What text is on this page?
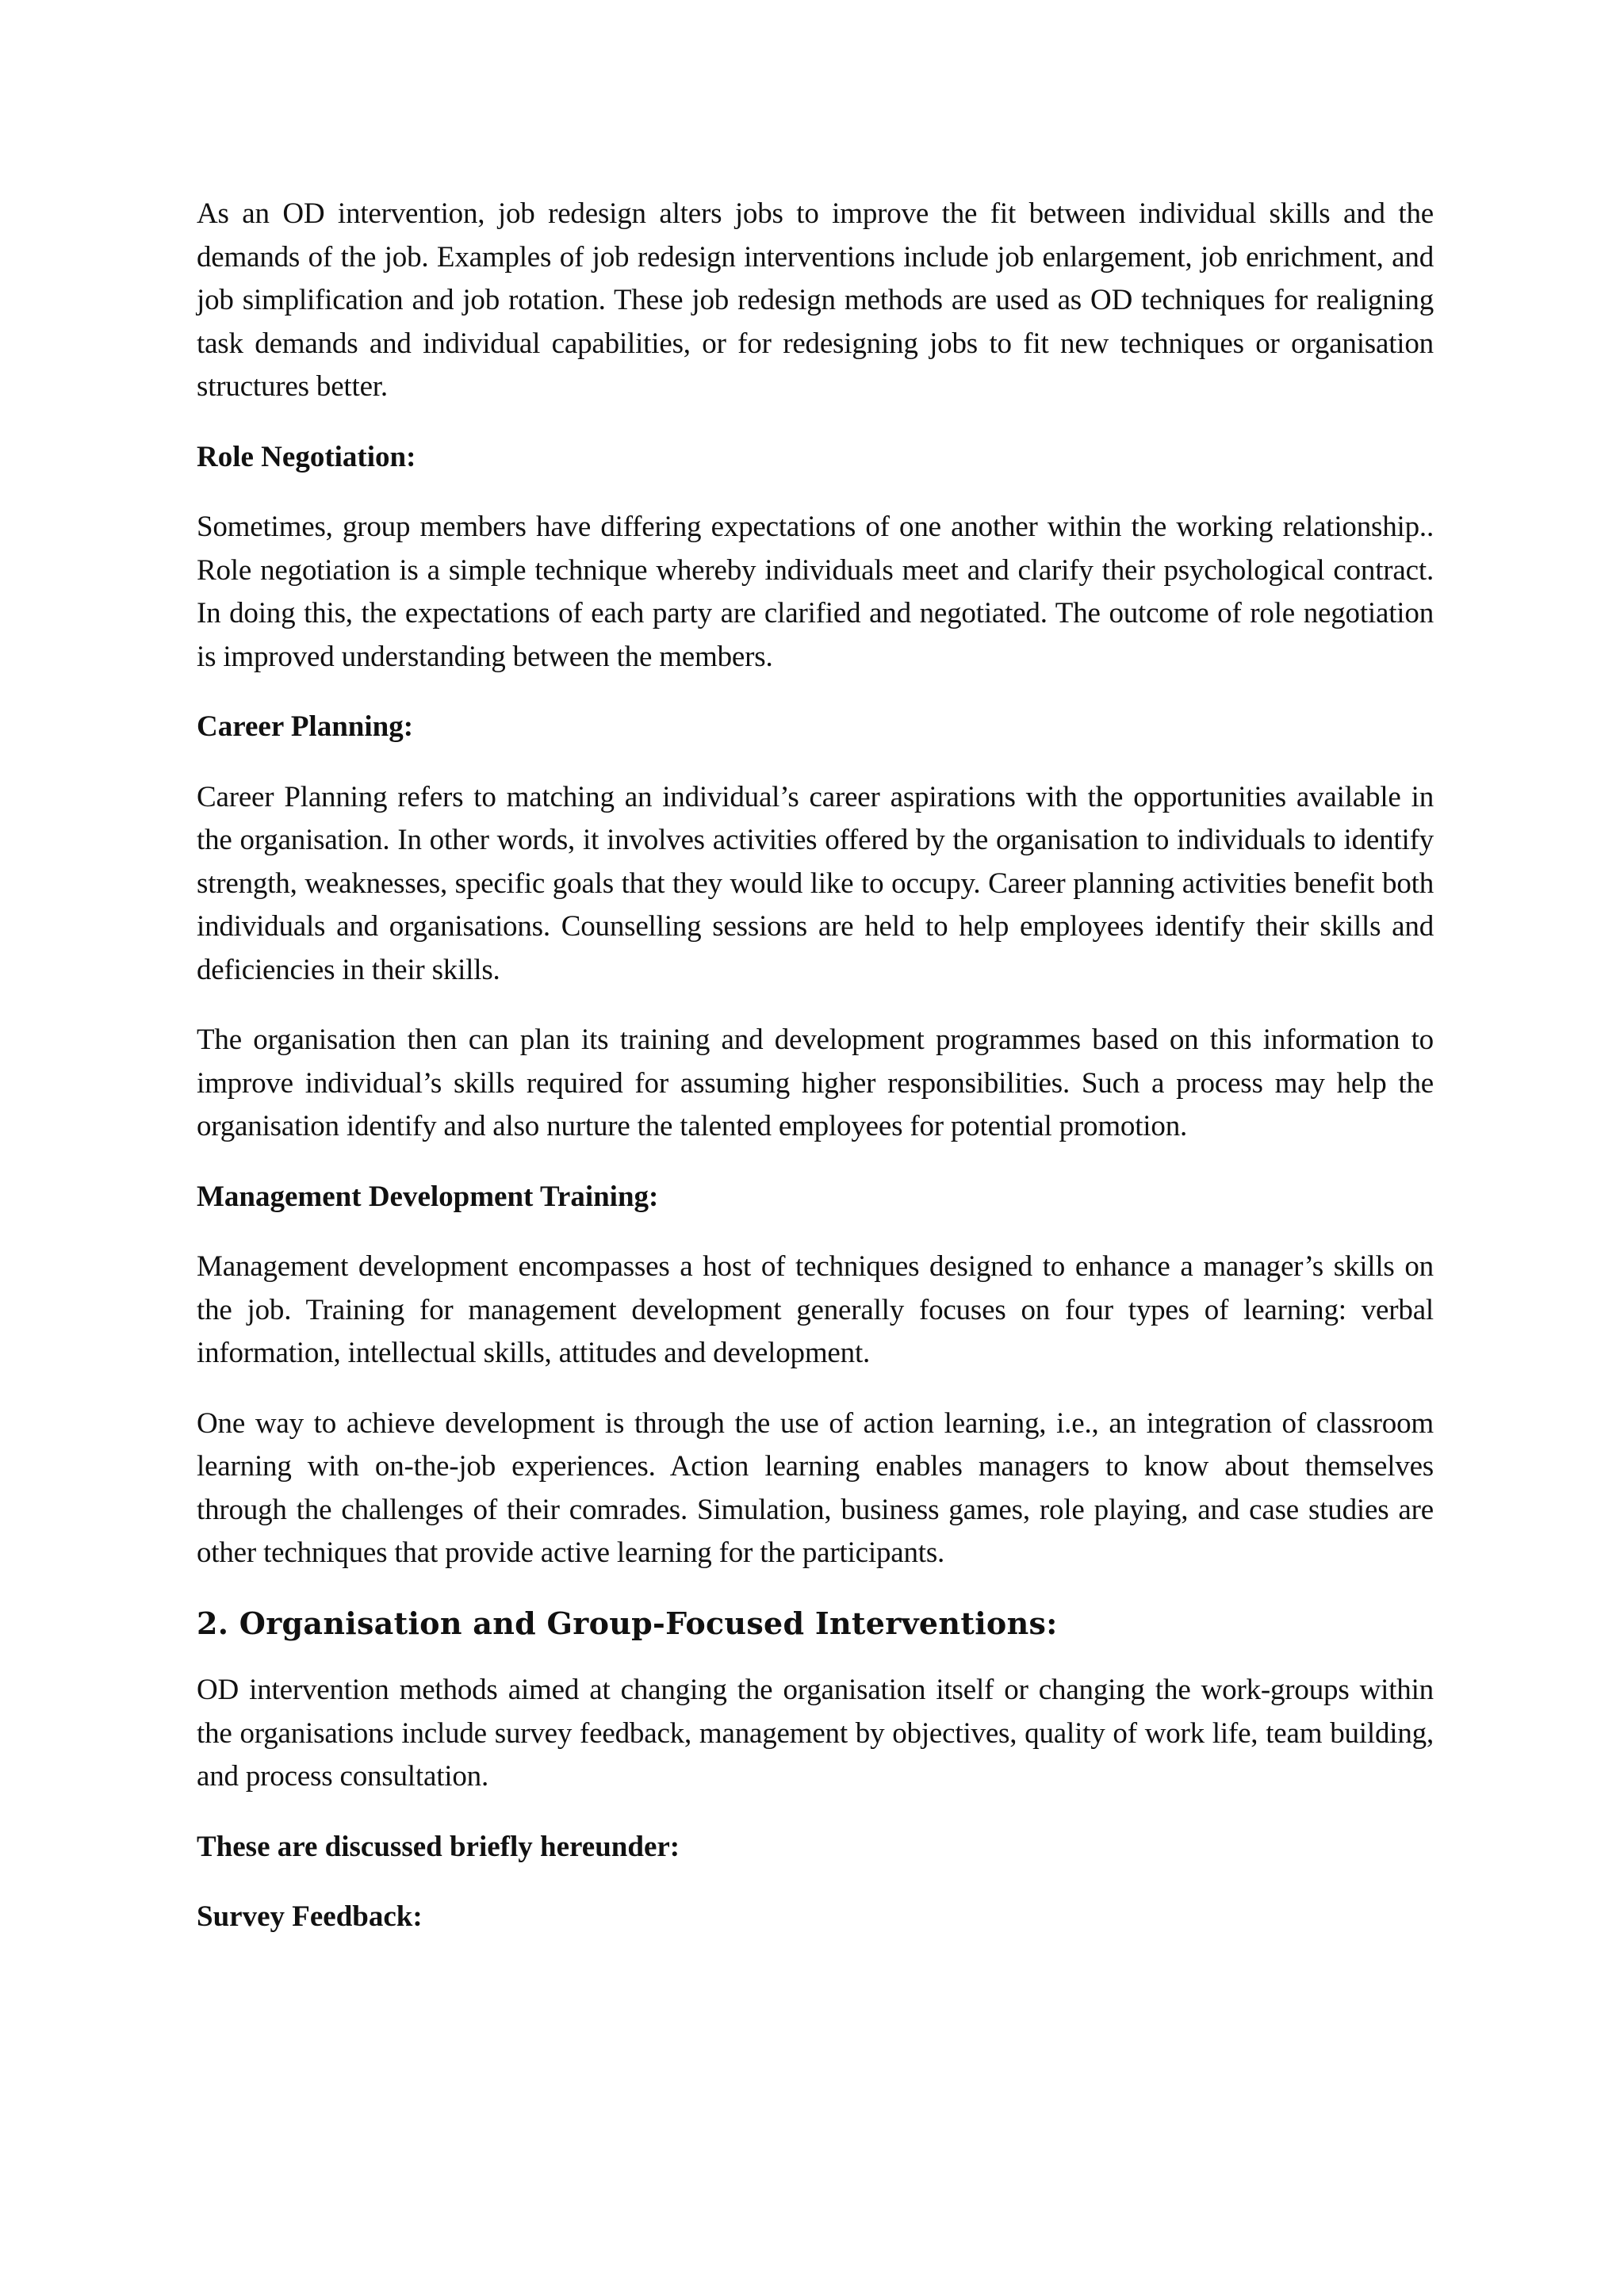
As an OD intervention, job redesign alters jobs to improve the fit between individual skills and the demands of the job. Examples of job redesign interventions include job enlargement, job enrichment, and job simplification and job rotation. These job redesign methods are used as OD techniques for realigning task demands and individual capabilities, or for redesigning jobs to fit new techniques or organisation structures better.

Role Negotiation:

Sometimes, group members have differing expectations of one another within the working relationship.. Role negotiation is a simple technique whereby individuals meet and clarify their psychological contract. In doing this, the expectations of each party are clarified and negotiated. The outcome of role negotiation is improved understanding between the members.

Career Planning:

Career Planning refers to matching an individual’s career aspirations with the opportunities available in the organisation. In other words, it involves activities offered by the organisation to individuals to identify strength, weaknesses, specific goals that they would like to occupy. Career planning activities benefit both individuals and organisations. Counselling sessions are held to help employees identify their skills and deficiencies in their skills.

The organisation then can plan its training and development programmes based on this information to improve individual’s skills required for assuming higher responsibilities. Such a process may help the organisation identify and also nurture the talented employees for potential promotion.

Management Development Training:

Management development encompasses a host of techniques designed to enhance a manager’s skills on the job. Training for management development generally focuses on four types of learning: verbal information, intellectual skills, attitudes and development.

One way to achieve development is through the use of action learning, i.e., an integration of classroom learning with on-the-job experiences. Action learning enables managers to know about themselves through the challenges of their comrades. Simulation, business games, role playing, and case studies are other techniques that provide active learning for the participants.

2. Organisation and Group-Focused Interventions:

OD intervention methods aimed at changing the organisation itself or changing the work-groups within the organisations include survey feedback, management by objectives, quality of work life, team building, and process consultation.

These are discussed briefly hereunder:

Survey Feedback:
